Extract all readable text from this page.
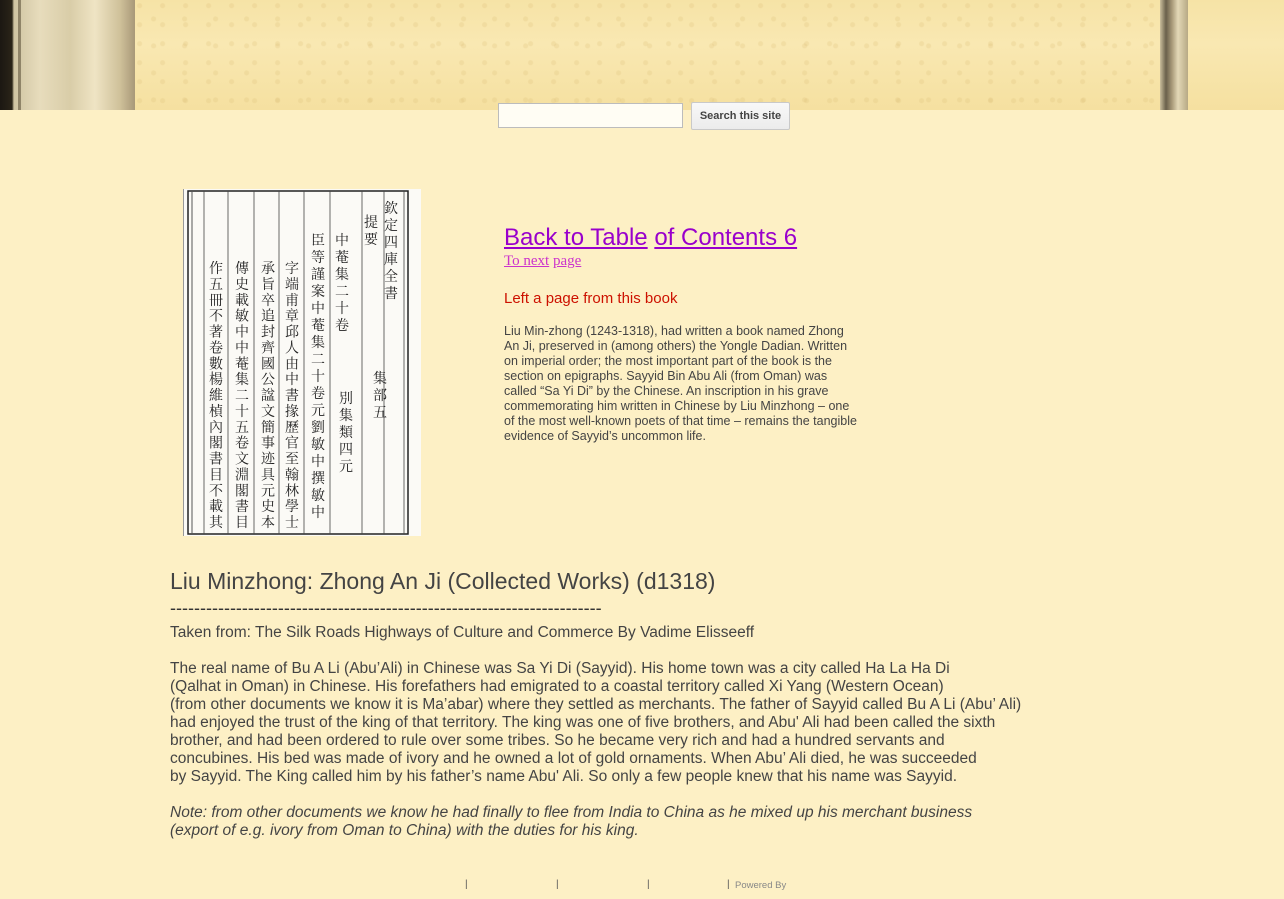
Search this site
欽
定
四
庫
全
書
提
要
集
部
五
中
菴
集
二
十
卷
別
集
類
四
元
臣
等
謹
案
中
菴
集
二
十
卷
元
劉
敏
中
撰
敏
中
字
端
甫
章
邱
人
由
中
書
掾
歷
官
至
翰
林
學
士
承
旨
卒
追
封
齊
國
公
諡
文
簡
事
迹
具
元
史
本
傳
史
載
敏
中
中
菴
集
二
十
五
卷
文
淵
閣
書
目
作
五
冊
不
著
卷
數
楊
維
楨
內
閣
書
目
不
載
其
Back to Table of Contents 6
To next page
Left a page from this book
Liu Min-zhong (1243-1318), had written a book named Zhong An Ji, preserved in (among others) the Yongle Dadian. Written on imperial order; the most important part of the book is the section on epigraphs. Sayyid Bin Abu Ali (from Oman) was called “Sa Yi Di” by the Chinese. An inscription in his grave commemorating him written in Chinese by Liu Minzhong – one of the most well-known poets of that time – remains the tangible evidence of Sayyid’s uncommon life.
Liu Minzhong: Zhong An Ji (Collected Works) (d1318)
------------------------------------------------------------------------
Taken from: The Silk Roads Highways of Culture and Commerce By Vadime Elisseeff
The real name of Bu A Li (Abu’Ali) in Chinese was Sa Yi Di (Sayyid). His home town was a city called Ha La Ha Di
(Qalhat in Oman) in Chinese. His forefathers had emigrated to a coastal territory called Xi Yang (Western Ocean)
(from other documents we know it is Ma’abar) where they settled as merchants. The father of Sayyid called Bu A Li (Abu’ Ali)
had enjoyed the trust of the king of that territory. The king was one of five brothers, and Abu' Ali had been called the sixth
brother, and had been ordered to rule over some tribes. So he became very rich and had a hundred servants and
concubines. His bed was made of ivory and he owned a lot of gold ornaments. When Abu’ Ali died, he was succeeded
by Sayyid. The King called him by his father’s name Abu' Ali. So only a few people knew that his name was Sayyid.
Note: from other documents we know he had finally to flee from India to China as he mixed up his merchant business
(export of e.g. ivory from Oman to China) with the duties for his king.
|	|	|	| Powered By
